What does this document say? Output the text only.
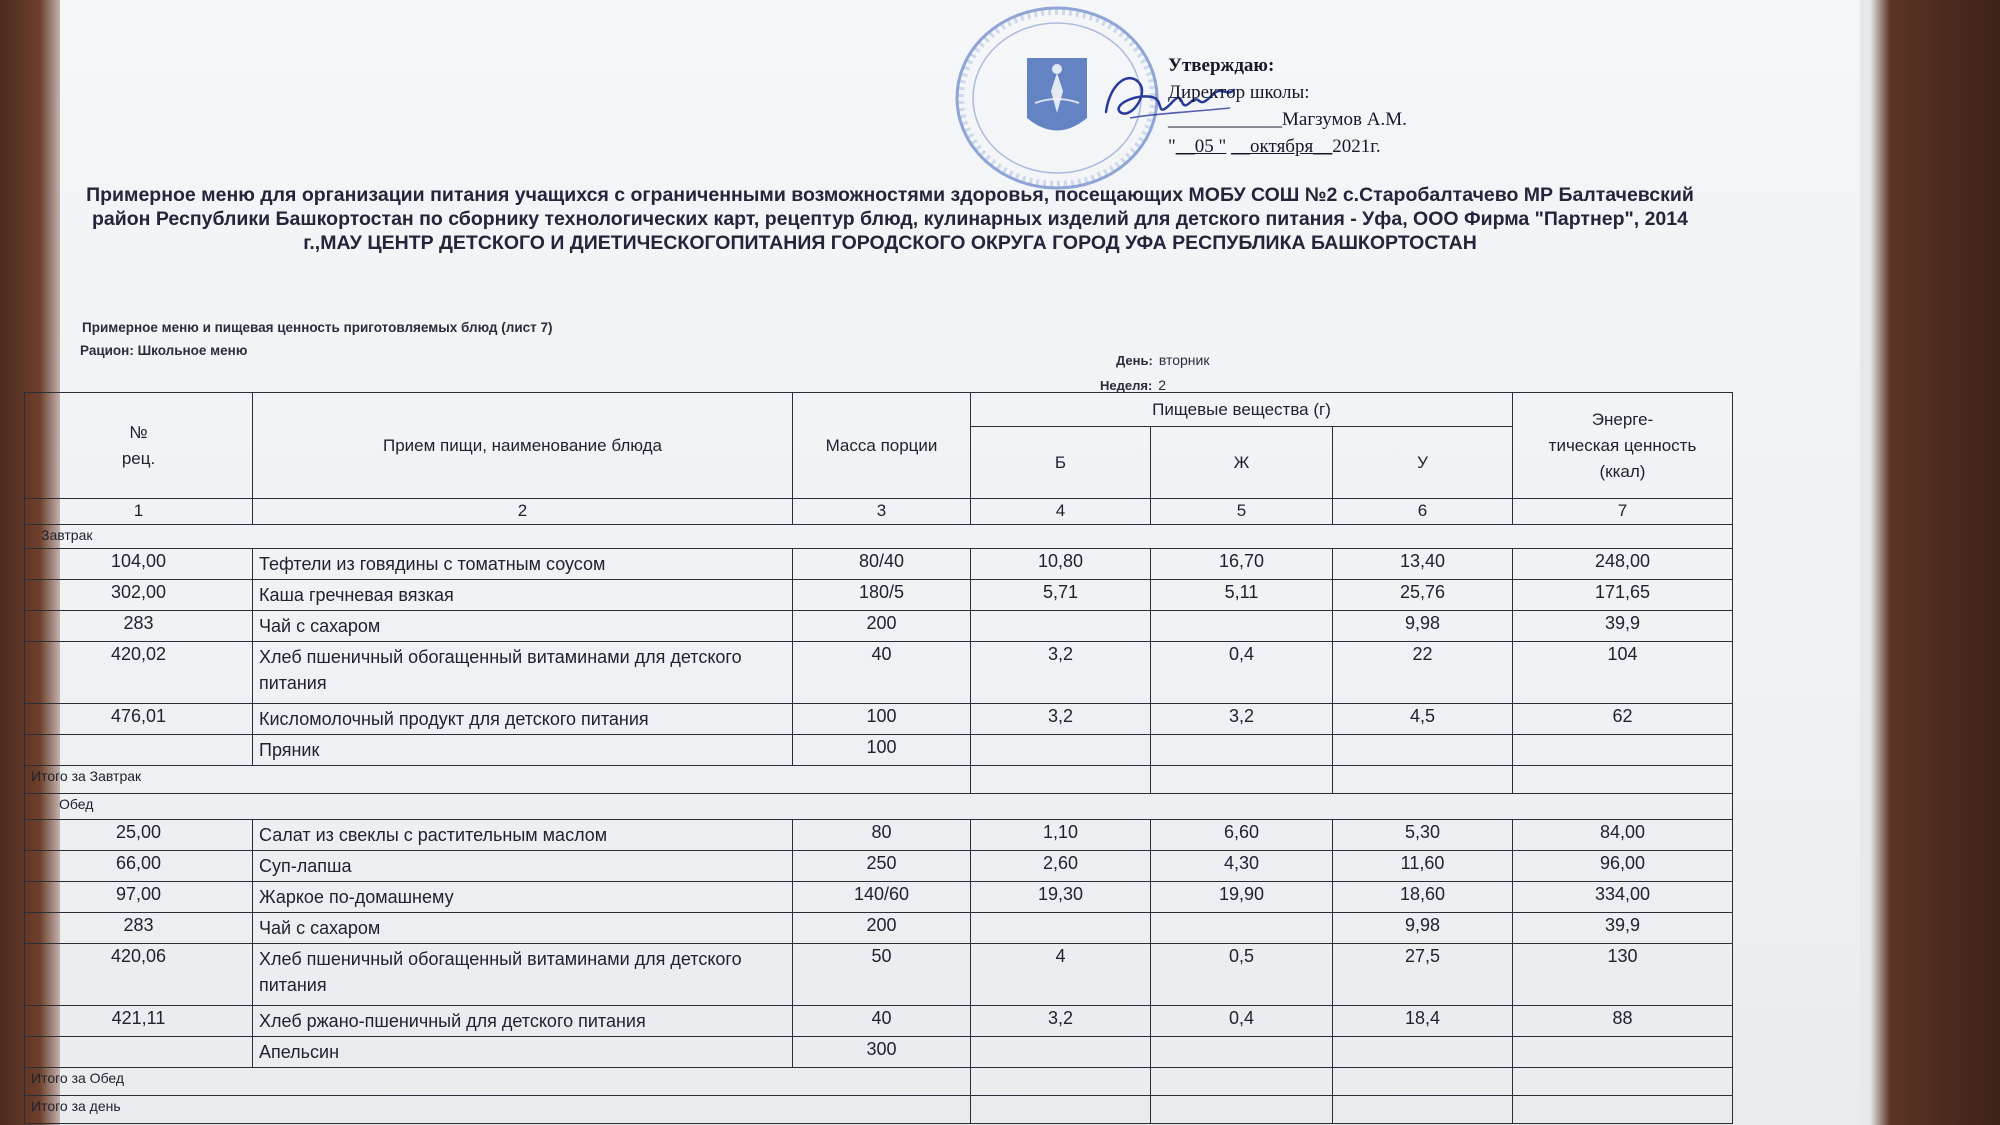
Утверждаю:
Директор школы:
____________Магзумов А.М.
"__05 " __октября__2021г.
Примерное меню для организации питания учащихся с ограниченными возможностями здоровья, посещающих МОБУ СОШ №2 с.Старобалтачево МР Балтачевский район Республики Башкортостан по сборнику технологических карт, рецептур блюд, кулинарных изделий для детского питания - Уфа, ООО Фирма "Партнер", 2014 г.,МАУ ЦЕНТР ДЕТСКОГО И ДИЕТИЧЕСКОГОПИТАНИЯ ГОРОДСКОГО ОКРУГА ГОРОД УФА РЕСПУБЛИКА БАШКОРТОСТАН
Примерное меню и пищевая ценность приготовляемых блюд (лист 7)
Рацион: Школьное меню
День: вторник
Неделя: 2
№
рец.	Прием пищи, наименование блюда	Масса порции	Пищевые вещества (г)			Энерге-
тическая ценность
(ккал)
			Б	Ж	У	
1	2	3	4	5	6	7
Завтрак						
104,00	Тефтели из говядины с томатным соусом	80/40	10,80	16,70	13,40	248,00
302,00	Каша гречневая вязкая	180/5	5,71	5,11	25,76	171,65
283	Чай с сахаром	200			9,98	39,9
420,02	Хлеб пшеничный обогащенный витаминами для детского питания	40	3,2	0,4	22	104
476,01	Кисломолочный продукт для детского питания	100	3,2	3,2	4,5	62
	Пряник	100				
Итого за Завтрак						
Обед						
25,00	Салат из свеклы с растительным маслом	80	1,10	6,60	5,30	84,00
66,00	Суп-лапша	250	2,60	4,30	11,60	96,00
97,00	Жаркое по-домашнему	140/60	19,30	19,90	18,60	334,00
283	Чай с сахаром	200			9,98	39,9
420,06	Хлеб пшеничный обогащенный витаминами для детского питания	50	4	0,5	27,5	130
421,11	Хлеб ржано-пшеничный для детского питания	40	3,2	0,4	18,4	88
	Апельсин	300				
Итого за Обед						
Итого за день						
